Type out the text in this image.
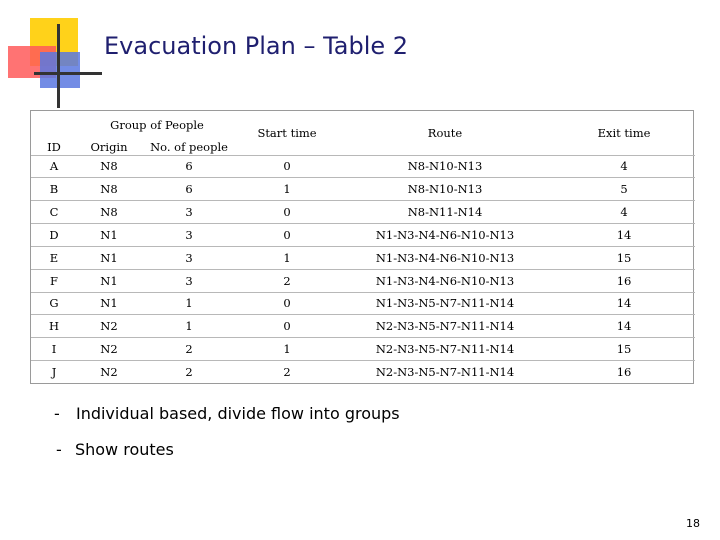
Evacuation Plan – Table 2
	Group of People		Start time	Route	Exit time
ID	Origin	No. of people			
A	N8	6	0	N8-N10-N13	4
B	N8	6	1	N8-N10-N13	5
C	N8	3	0	N8-N11-N14	4
D	N1	3	0	N1-N3-N4-N6-N10-N13	14
E	N1	3	1	N1-N3-N4-N6-N10-N13	15
F	N1	3	2	N1-N3-N4-N6-N10-N13	16
G	N1	1	0	N1-N3-N5-N7-N11-N14	14
H	N2	1	0	N2-N3-N5-N7-N11-N14	14
I	N2	2	1	N2-N3-N5-N7-N11-N14	15
J	N2	2	2	N2-N3-N5-N7-N11-N14	16
- Individual based, divide flow into groups
- Show routes
18
